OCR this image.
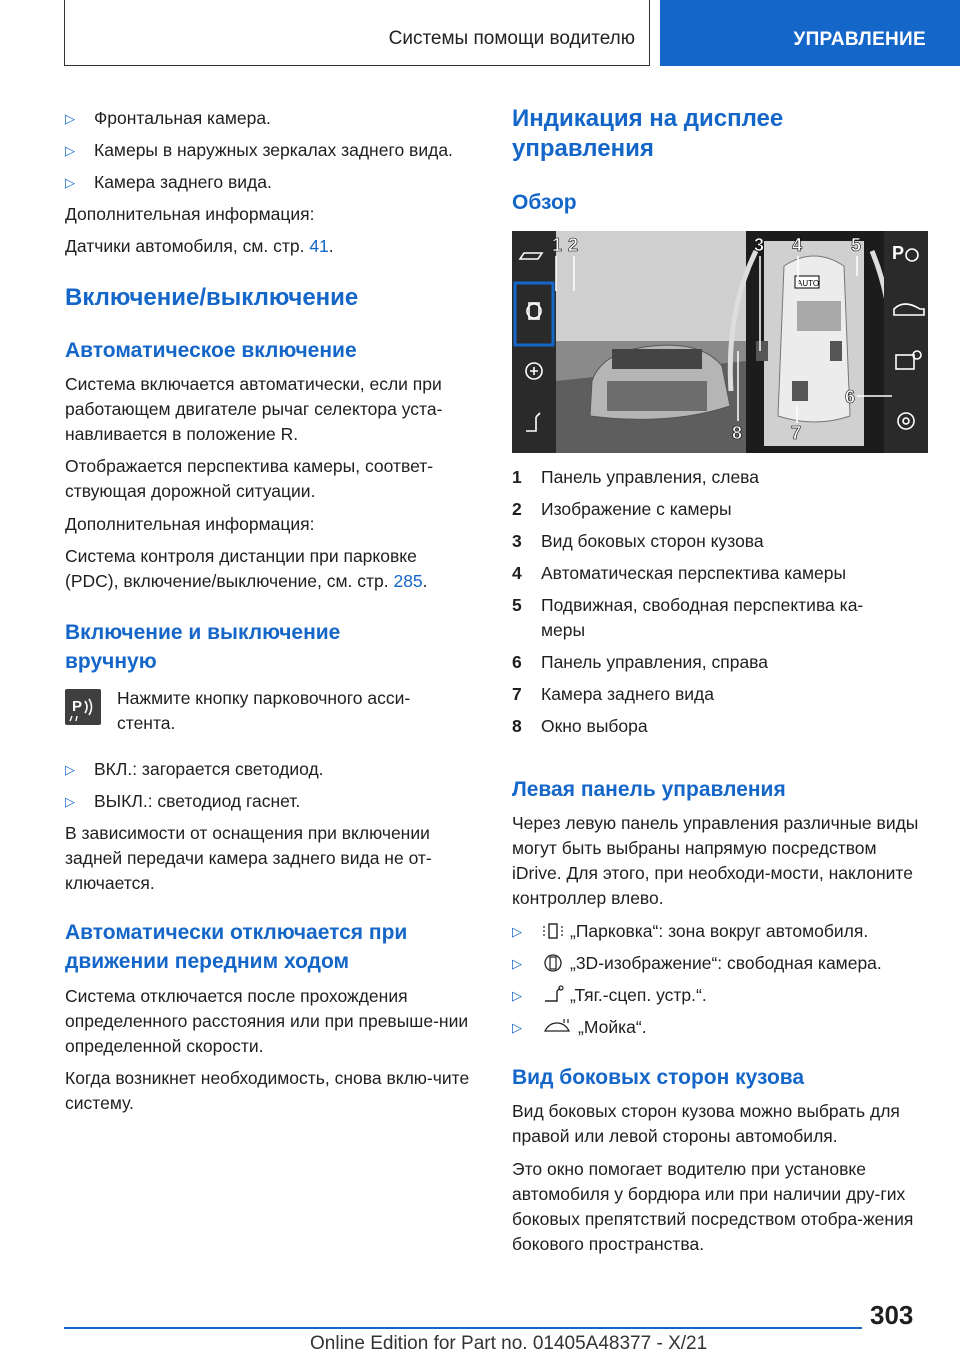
Системы помощи водителю	УПРАВЛЕНИЕ
▷ Фронтальная камера.
▷ Камеры в наружных зеркалах заднего вида.
▷ Камера заднего вида.
Дополнительная информация:
Датчики автомобиля, см. стр. 41.
Включение/выключение
Автоматическое включение
Система включается автоматически, если при работающем двигателе рычаг селектора уста-навливается в положение R.
Отображается перспектива камеры, соответ-ствующая дорожной ситуации.
Дополнительная информация:
Система контроля дистанции при парковке (PDC), включение/выключение, см. стр. 285.
Включение и выключение вручную
P Нажмите кнопку парковочного асси-стента.
▷ ВКЛ.: загорается светодиод.
▷ ВЫКЛ.: светодиод гаснет.
В зависимости от оснащения при включении задней передачи камера заднего вида не от-ключается.
Автоматически отключается при движении передним ходом
Система отключается после прохождения определенного расстояния или при превыше-нии определенной скорости.
Когда возникнет необходимость, снова вклю-чите систему.
Индикация на дисплее управления
Обзор
AUTO
P
1 2	3 4	5
6
7
8
1	Панель управления, слева
2	Изображение с камеры
3	Вид боковых сторон кузова
4	Автоматическая перспектива камеры
5	Подвижная, свободная перспектива ка-меры
6	Панель управления, справа
7	Камера заднего вида
8	Окно выбора
Левая панель управления
Через левую панель управления различные виды могут быть выбраны напрямую посредством iDrive. Для этого, при необходи-мости, наклоните контроллер влево.
▷	„Парковка“: зона вокруг автомобиля.
▷	„3D-изображение“: свободная камера.
▷	„Тяг.-сцеп. устр.“.
▷	„Мойка“.
Вид боковых сторон кузова
Вид боковых сторон кузова можно выбрать для правой или левой стороны автомобиля.
Это окно помогает водителю при установке автомобиля у бордюра или при наличии дру-гих боковых препятствий посредством отобра-жения бокового пространства.
303
Online Edition for Part no. 01405A48377 - X/21
